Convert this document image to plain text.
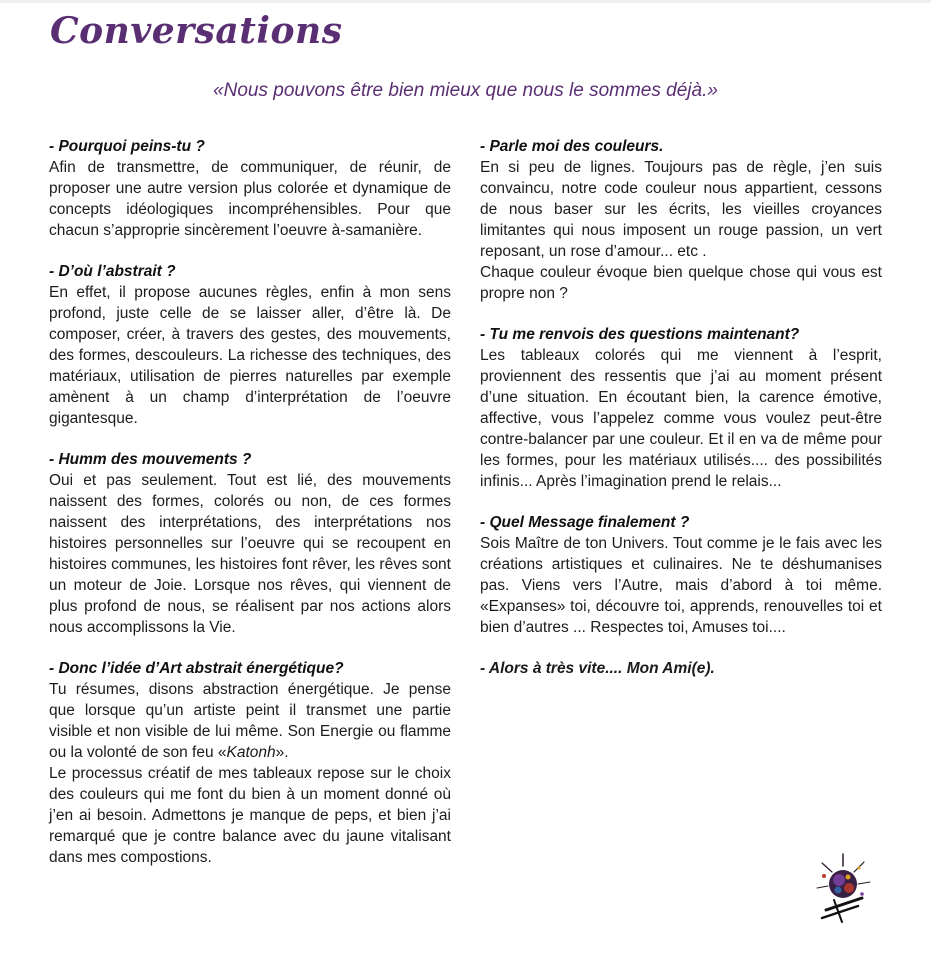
Conversations

«Nous pouvons être bien mieux que nous le sommes déjà.»

- Pourquoi peins-tu ?

Afin de transmettre, de communiquer, de réunir, de proposer une autre version plus colorée et dynamique de concepts idéologiques incompréhensibles. Pour que chacun s’approprie sincèrement l’oeuvre à-samanière.

- D’où l’abstrait ?

En effet, il propose aucunes règles, enfin à mon sens profond, juste celle de se laisser aller, d’être là. De composer, créer, à travers des gestes, des mouvements, des formes, descouleurs. La richesse des techniques, des matériaux, utilisation de pierres naturelles par exemple amènent à un champ d’interprétation de l’oeuvre gigantesque.

- Humm des mouvements ?

Oui et pas seulement. Tout est lié, des mouvements naissent des formes, colorés ou non, de ces formes naissent des interprétations, des interprétations nos histoires personnelles sur l’oeuvre qui se recoupent en histoires communes, les histoires font rêver, les rêves sont un moteur de Joie. Lorsque nos rêves, qui viennent de plus profond de nous, se réalisent par nos actions alors nous accomplissons la Vie.

- Donc l’idée d’Art abstrait énergétique?

Tu résumes, disons abstraction énergétique. Je pense que lorsque qu’un artiste peint il transmet une partie visible et non visible de lui même. Son Energie ou flamme ou la volonté de son feu «Katonh».

Le processus créatif de mes tableaux repose sur le choix des couleurs qui me font du bien à un moment donné où j’en ai besoin. Admettons je manque de peps, et bien j’ai remarqué que je contre balance avec du jaune vitalisant dans mes compostions.

- Parle moi des couleurs.

En si peu de lignes. Toujours pas de règle, j’en suis convaincu, notre code couleur nous appartient, cessons de nous baser sur les écrits, les vieilles croyances limitantes qui nous imposent un rouge passion, un vert reposant, un rose d’amour... etc .

Chaque couleur évoque bien quelque chose qui vous est propre non ?

- Tu me renvois des questions maintenant?

Les tableaux colorés qui me viennent à l’esprit, proviennent des ressentis que j’ai au moment présent d’une situation. En écoutant bien, la carence émotive, affective, vous l’appelez comme vous voulez peut-être contre-balancer par une couleur. Et il en va de même pour les formes, pour les matériaux utilisés.... des possibilités infinis... Après l’imagination prend le relais...

- Quel Message finalement ?

Sois Maître de ton Univers. Tout comme je le fais avec les créations artistiques et culinaires. Ne te déshumanises pas. Viens vers l’Autre, mais d’abord à toi même. «Expanses» toi, découvre toi, apprends, renouvelles toi et bien d’autres ... Respectes toi, Amuses toi....

- Alors à très vite.... Mon Ami(e).
